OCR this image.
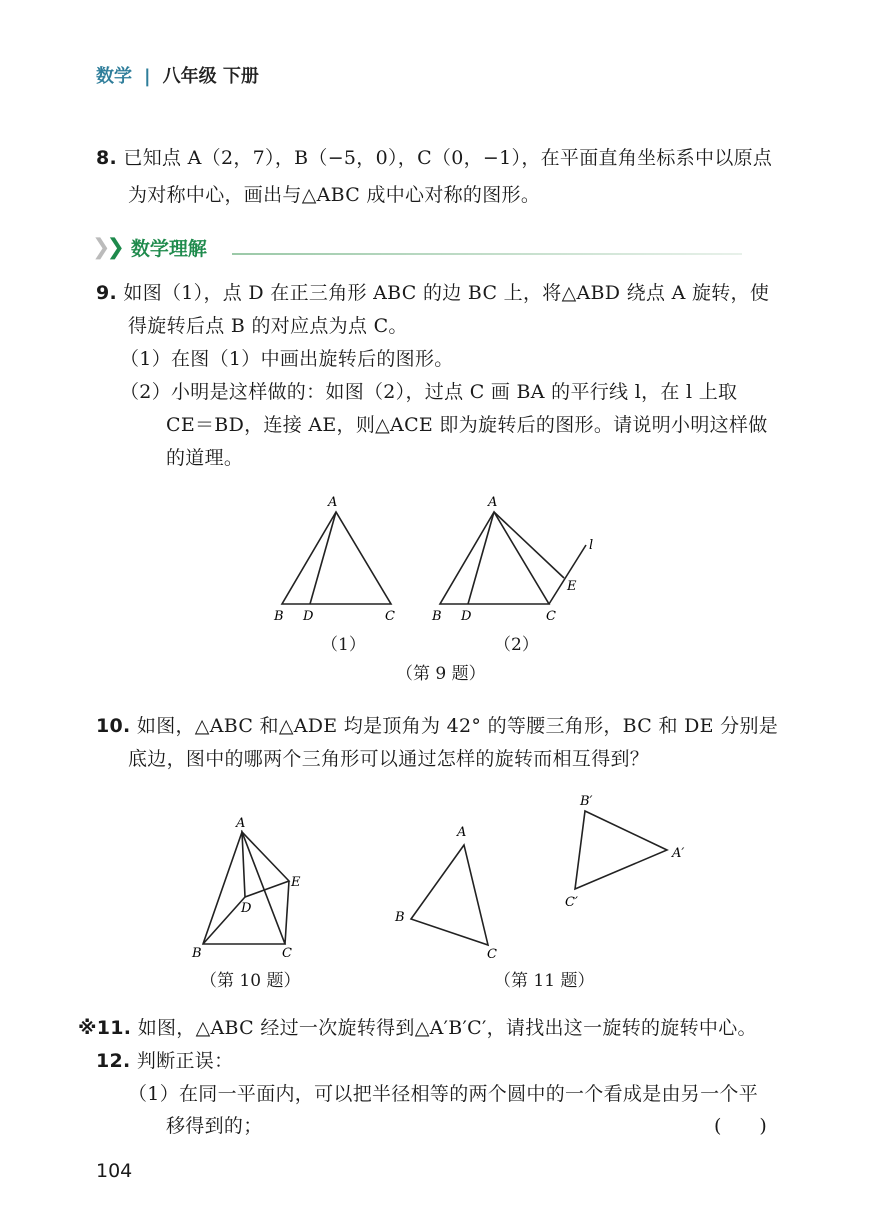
数学 | 八年级 下册
8. 已知点 A（2，7），B（−5，0），C（0，−1），在平面直角坐标系中以原点
为对称中心，画出与△ABC 成中心对称的图形。
❯
❯ 数学理解
9. 如图（1），点 D 在正三角形 ABC 的边 BC 上，将△ABD 绕点 A 旋转，使
得旋转后点 B 的对应点为点 C。
（1）在图（1）中画出旋转后的图形。
（2）小明是这样做的：如图（2），过点 C 画 BA 的平行线 l，在 l 上取
CE＝BD，连接 AE，则△ACE 即为旋转后的图形。请说明小明这样做
的道理。
A
B D	C
A
B D	C
E
l
A
B	C
D
E
A
B
C
B′
A′
C′
（1）	（2）
（第 9 题）
10. 如图，△ABC 和△ADE 均是顶角为 42° 的等腰三角形，BC 和 DE 分别是
底边，图中的哪两个三角形可以通过怎样的旋转而相互得到？
（第 10 题）	（第 11 题）
※11. 如图，△ABC 经过一次旋转得到△A′B′C′，请找出这一旋转的旋转中心。
12. 判断正误：
（1）在同一平面内，可以把半径相等的两个圆中的一个看成是由另一个平
移得到的；	(　　)
104
